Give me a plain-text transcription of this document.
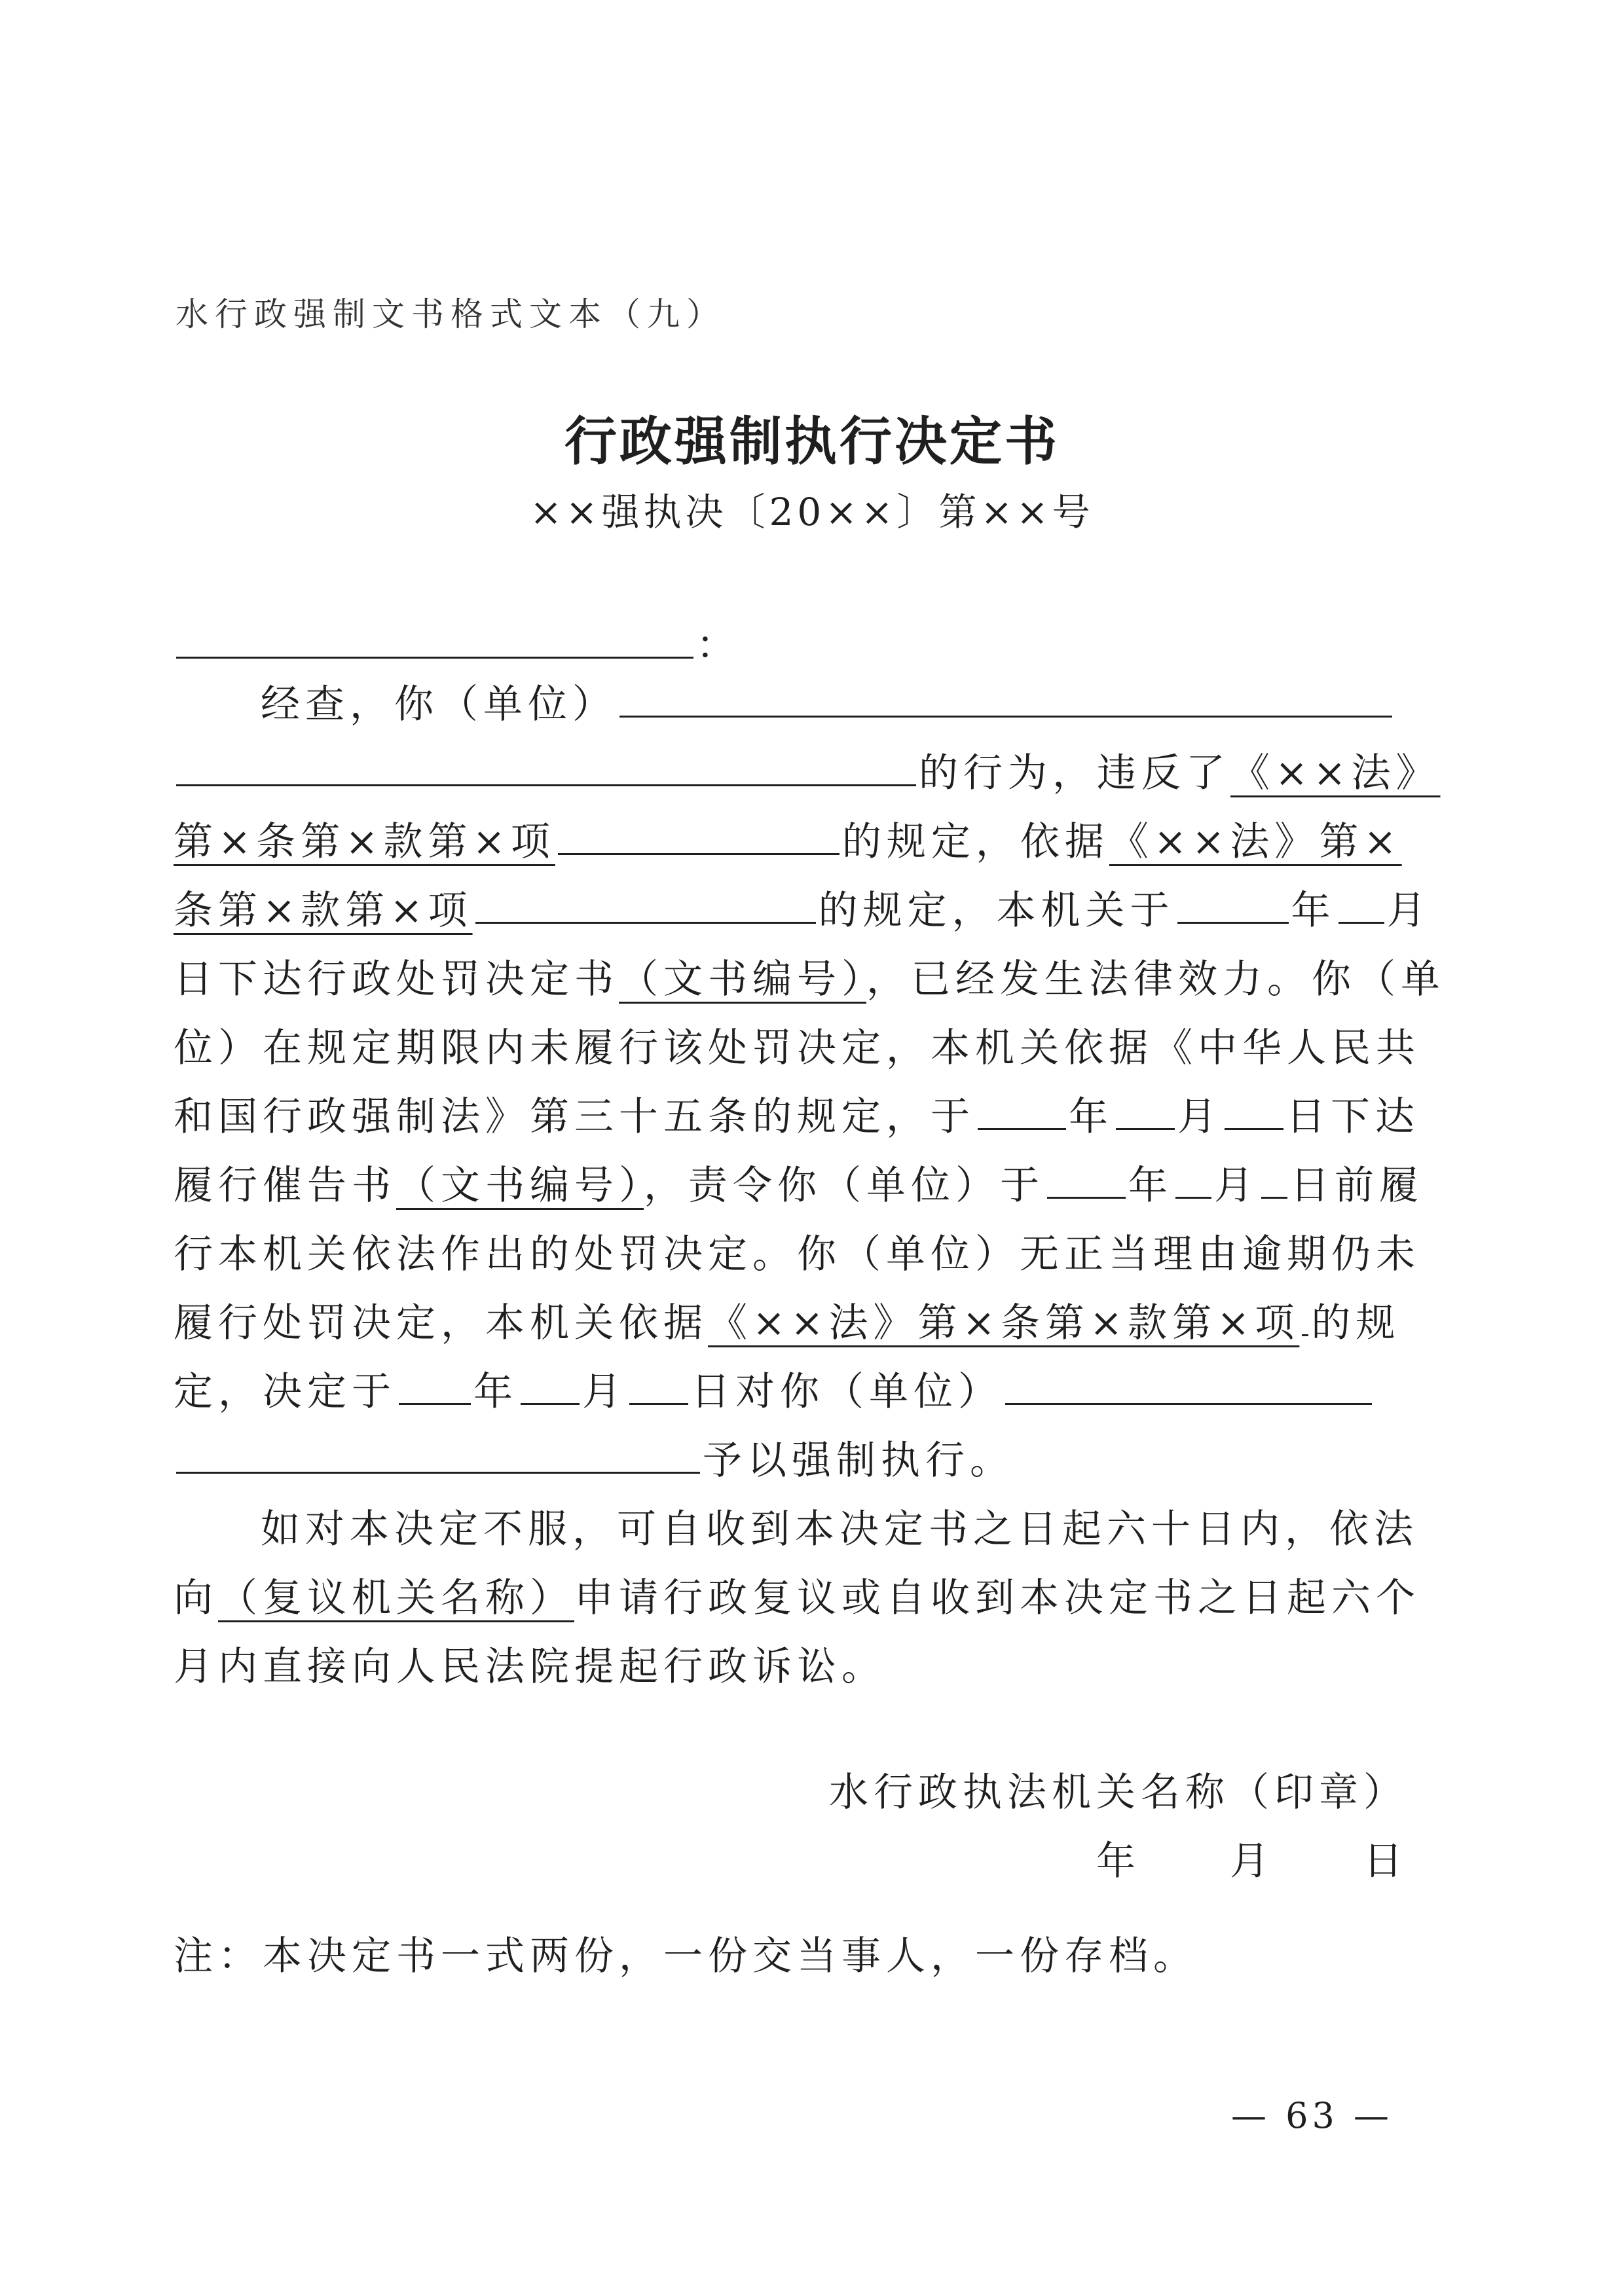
水行政强制文书格式文本（九）
行政强制执行决定书
××强执决〔20××〕第××号
：
经查，你（单位）
的行为，违反了《××法》
第×条第×款第×项	的规定，依据《××法》第×
条第×款第×项	的规定，本机关于	年 月
日下达行政处罚决定书（文书编号），已经发生法律效力。你（单
位）在规定期限内未履行该处罚决定，本机关依据《中华人民共
和国行政强制法》第三十五条的规定，于 年 月 日下达
履行催告书（文书编号），责令你（单位）于 年 月 日前履
行本机关依法作出的处罚决定。你（单位）无正当理由逾期仍未
履行处罚决定，本机关依据《××法》第×条第×款第×项 的规
定，决定于 年 月 日对你（单位）
予以强制执行。
如对本决定不服，可自收到本决定书之日起六十日内，依法
向（复议机关名称）申请行政复议或自收到本决定书之日起六个
月内直接向人民法院提起行政诉讼。
水行政执法机关名称（印章）
年　　月　　日
注：本决定书一式两份，一份交当事人，一份存档。
— 63 —
